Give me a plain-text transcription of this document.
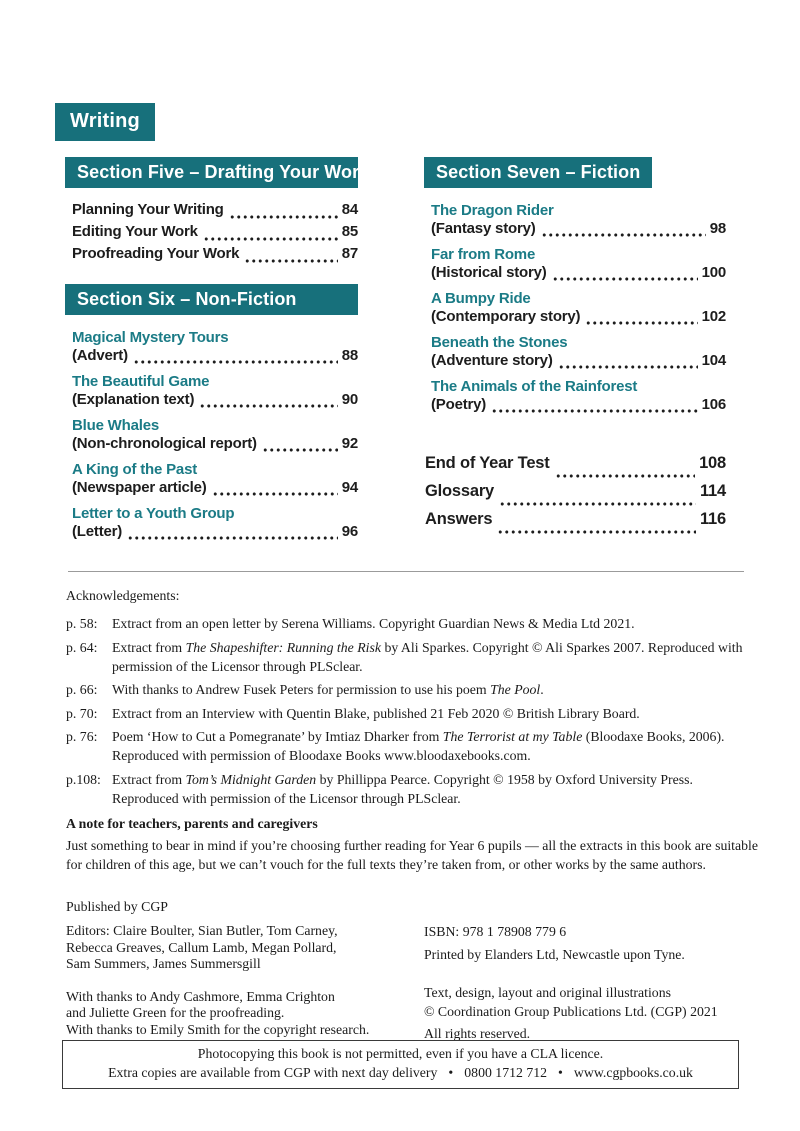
Writing
Section Five – Drafting Your Work
Planning Your Writing	84
Editing Your Work	85
Proofreading Your Work	87
Section Six – Non-Fiction
Magical Mystery Tours
(Advert)	88
The Beautiful Game
(Explanation text)	90
Blue Whales
(Non-chronological report)	92
A King of the Past
(Newspaper article)	94
Letter to a Youth Group
(Letter)	96
Section Seven – Fiction
The Dragon Rider
(Fantasy story)	98
Far from Rome
(Historical story)	100
A Bumpy Ride
(Contemporary story)	102
Beneath the Stones
(Adventure story)	104
The Animals of the Rainforest
(Poetry)	106
End of Year Test	108
Glossary	114
Answers	116
Acknowledgements:
p. 58:	Extract from an open letter by Serena Williams. Copyright Guardian News & Media Ltd 2021.
p. 64:	Extract from The Shapeshifter: Running the Risk by Ali Sparkes. Copyright © Ali Sparkes 2007. Reproduced with permission of the Licensor through PLSclear.
p. 66:	With thanks to Andrew Fusek Peters for permission to use his poem The Pool.
p. 70:	Extract from an Interview with Quentin Blake, published 21 Feb 2020 © British Library Board.
p. 76:	Poem ‘How to Cut a Pomegranate’ by Imtiaz Dharker from The Terrorist at my Table (Bloodaxe Books, 2006). Reproduced with permission of Bloodaxe Books www.bloodaxebooks.com.
p.108: Extract from Tom’s Midnight Garden by Phillippa Pearce. Copyright © 1958 by Oxford University Press. Reproduced with permission of the Licensor through PLSclear.
A note for teachers, parents and caregivers
Just something to bear in mind if you’re choosing further reading for Year 6 pupils — all the extracts in this book are suitable for children of this age, but we can’t vouch for the full texts they’re taken from, or other works by the same authors.
Published by CGP
Editors: Claire Boulter, Sian Butler, Tom Carney,
Rebecca Greaves, Callum Lamb, Megan Pollard,
Sam Summers, James Summersgill
With thanks to Andy Cashmore, Emma Crighton
and Juliette Green for the proofreading.
With thanks to Emily Smith for the copyright research.
ISBN: 978 1 78908 779 6
Printed by Elanders Ltd, Newcastle upon Tyne.
Text, design, layout and original illustrations
© Coordination Group Publications Ltd. (CGP) 2021
All rights reserved.
Photocopying this book is not permitted, even if you have a CLA licence.
Extra copies are available from CGP with next day delivery • 0800 1712 712 • www.cgpbooks.co.uk
